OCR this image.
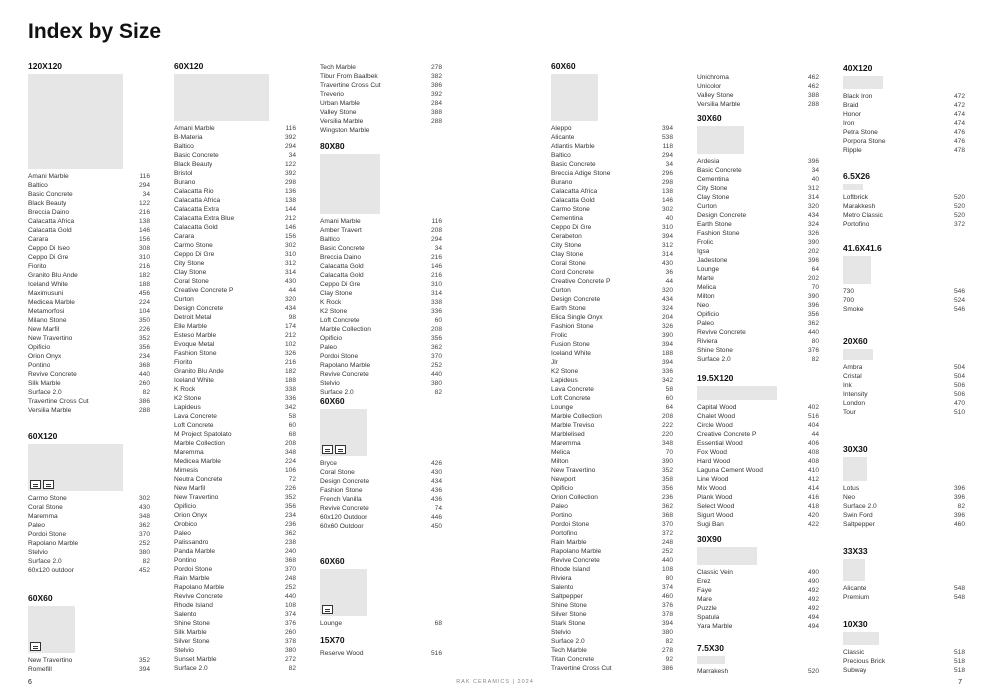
Index by Size
120X120
Amani Marble	116
Baltico	294
Basic Concrete	34
Black Beauty	122
Breccia Daino	216
Calacatta Africa	138
Calacatta Gold	146
Carara	156
Ceppo Di Iseo	308
Ceppo Di Gre	310
Fiorito	216
Granito Blu Ande	182
Iceland White	188
Maximusuni	456
Medicea Marble	224
Metamorfosi	104
Milano Stone	350
New Marfil	226
New Travertino	352
Opificio	356
Orion Onyx	234
Pontino	368
Revive Concrete	440
Silk Marble	260
Surface 2.0	82
Travertine Cross Cut	386
Versilia Marble	288
60X120
Carmo Stone	302
Coral Stone	430
Maremma	348
Paleo	362
Pordoi Stone	370
Rapolano Marble	252
Stelvio	380
Surface 2.0	82
60x120 outdoor	452
60X60
New Travertino	352
Romefill	394
60X120
Amani Marble	116
B-Materia	392
Baltico	294
Basic Concrete	34
Black Beauty	122
Bristol	392
Burano	298
Calacatta Rio	136
Calacatta Africa	138
Calacatta Extra	144
Calacatta Extra Blue	212
Calacatta Gold	146
Carara	156
Carmo Stone	302
Ceppo Di Gre	310
City Stone	312
Clay Stone	314
Coral Stone	430
Creative Concrete P	44
Curton	320
Design Concrete	434
Detroit Metal	98
Elle Marble	174
Esteso Marble	212
Evoque Metal	102
Fashion Stone	326
Fiorito	216
Granito Blu Ande	182
Iceland White	188
K Rock	338
K2 Stone	336
Lapideus	342
Lava Concrete	58
Loft Concrete	60
M Project Spatolato	68
Marble Collection	208
Maremma	348
Medicea Marble	224
Mimesis	106
Neutra Concrete	72
New Marfil	226
New Travertino	352
Opificio	356
Orion Onyx	234
Orobico	236
Paleo	362
Palissandro	238
Panda Marble	240
Pontino	368
Pordoi Stone	370
Rain Marble	248
Rapolano Marble	252
Revive Concrete	440
Rhode Island	108
Salento	374
Shine Stone	376
Silk Marble	260
Silver Stone	378
Stelvio	380
Sunset Marble	272
Surface 2.0	82
Tech Marble	278
Tibur From Baalbek	382
Travertine Cross Cut	386
Treverio	392
Urban Marble	284
Valley Stone	388
Versilia Marble	288
Wingston Marble
80X80
Amani Marble	116
Amber Travert	208
Baltico	294
Basic Concrete	34
Breccia Daino	216
Calacatta Gold	146
Calacatta Gold	216
Ceppo Di Gre	310
Clay Stone	314
K Rock	338
K2 Stone	336
Loft Concrete	60
Marble Collection	208
Opificio	356
Paleo	362
Pordoi Stone	370
Rapolano Marble	252
Revive Concrete	440
Stelvio	380
Surface 2.0	82
60X60
Bryce	426
Coral Stone	430
Design Concrete	434
Fashion Stone	436
French Vanilla	436
Revive Concrete	74
60x120 Outdoor	446
60x60 Outdoor	450
60X60
Lounge	68
15X70
Reserve Wood	516
60X60
Aleppo	394
Alicante	538
Atlantis Marble	118
Baltico	294
Basic Concrete	34
Breccia Adige Stone	296
Burano	298
Calacatta Africa	138
Calacatta Gold	146
Carmo Stone	302
Cementina	40
Ceppo Di Gre	310
Cerabeton	394
City Stone	312
Clay Stone	314
Coral Stone	430
Cord Concrete	36
Creative Concrete P	44
Curton	320
Design Concrete	434
Earth Stone	324
Elica Single Onyx	204
Fashion Stone	326
Frolic	390
Fusion Stone	394
Iceland White	188
Jlr	394
K2 Stone	336
Lapideus	342
Lava Concrete	58
Loft Concrete	60
Lounge	64
Marble Collection	208
Marble Treviso	222
Marblelised	220
Maremma	348
Melica	70
Milton	390
New Travertino	352
Newport	358
Opificio	356
Orion Collection	236
Paleo	362
Portino	368
Pordoi Stone	370
Portofino	372
Rain Marble	248
Rapolano Marble	252
Revive Concrete	440
Rhode Island	108
Riviera	80
Salento	374
Saltpepper	460
Shine Stone	376
Silver Stone	378
Stark Stone	394
Stelvio	380
Surface 2.0	82
Tech Marble	278
Titan Concrete	92
Travertine Cross Cut	386
Unichroma	462
Unicolor	462
Valley Stone	388
Versilia Marble	288
30X60
Ardesia	396
Basic Concrete	34
Cementina	40
City Stone	312
Clay Stone	314
Curton	320
Design Concrete	434
Earth Stone	324
Fashion Stone	326
Frolic	390
Igsa	202
Jadestone	396
Lounge	64
Marte	202
Melica	70
Milton	390
Neo	396
Opificio	356
Paleo	362
Revive Concrete	440
Riviera	80
Shine Stone	376
Surface 2.0	82
19.5X120
Capital Wood	402
Chalet Wood	516
Circle Wood	404
Creative Concrete P	44
Essential Wood	406
Fox Wood	408
Hard Wood	408
Laguna Cement Wood	410
Line Wood	412
Mix Wood	414
Plank Wood	416
Select Wood	418
Sigurt Wood	420
Sugi Ban	422
30X90
Classic Vein	490
Erez	490
Faye	492
Mare	492
Puzzle	492
Spatula	494
Yara Marble	494
7.5X30
Marrakesh	520
40X120
Black Iron	472
Braid	472
Honor	474
Iron	474
Petra Stone	476
Porpora Stone	476
Ripple	478
6.5X26
Loftbrick	520
Marakkesh	520
Metro Classic	520
Portofino	372
41.6X41.6
730	546
700	524
Smoke	546
20X60
Ambra	504
Cristal	504
Ink	506
Intensity	506
London	470
Tour	510
30X30
Lotus	396
Neo	396
Surface 2.0	82
Swin Ford	396
Saltpepper	460
33X33
Alicante	548
Premium	548
10X30
Classic	518
Precious Brick	518
Subway	518
6	RAK CERAMICS | 2024	7
